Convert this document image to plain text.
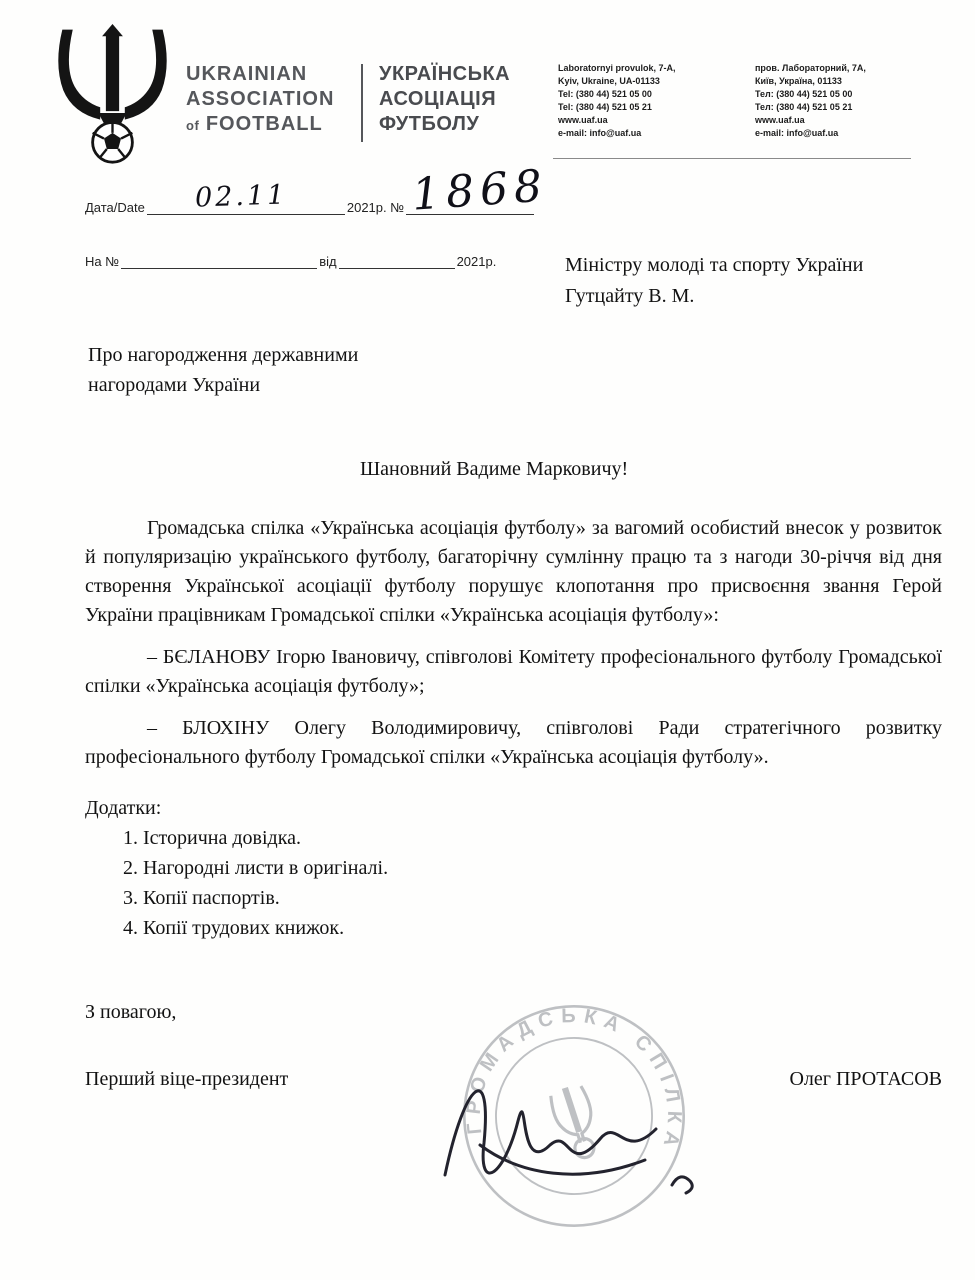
UKRAINIAN
ASSOCIATION
of FOOTBALL
УКРАЇНСЬКА
АСОЦІАЦІЯ
ФУТБОЛУ
Laboratornyi provulok, 7-A,
Kyiv, Ukraine, UA-01133
Tel: (380 44) 521 05 00
Tel: (380 44) 521 05 21
www.uaf.ua
e-mail: info@uaf.ua
пров. Лабораторний, 7А,
Київ, Україна, 01133
Тел: (380 44) 521 05 00
Тел: (380 44) 521 05 21
www.uaf.ua
e-mail: info@uaf.ua
Дата/Date 02.11	2021р. № 1868
На №	від	2021р.	Міністру молоді та спорту України
Гутцайту В. М.
Про нагородження державними
нагородами України
Шановний Вадиме Марковичу!

Громадська спілка «Українська асоціація футболу» за вагомий особистий внесок у розвиток й популяризацію українського футболу, багаторічну сумлінну працю та з нагоди 30-річчя від дня створення Української асоціації футболу порушує клопотання про присвоєння звання Герой України працівникам Громадської спілки «Українська асоціація футболу»:

– БЄЛАНОВУ Ігорю Івановичу, співголові Комітету професіонального футболу Громадської спілки «Українська асоціація футболу»;

– БЛОХІНУ Олегу Володимировичу, співголові Ради стратегічного розвитку професіонального футболу Громадської спілки «Українська асоціація футболу».

Додатки:
1. Історична довідка.
2. Нагородні листи в оригіналі.
3. Копії паспортів.
4. Копії трудових книжок.
З повагою,
Перший віце-президент	Олег ПРОТАСОВ
ГРОМАДСЬКА СПІЛКА
